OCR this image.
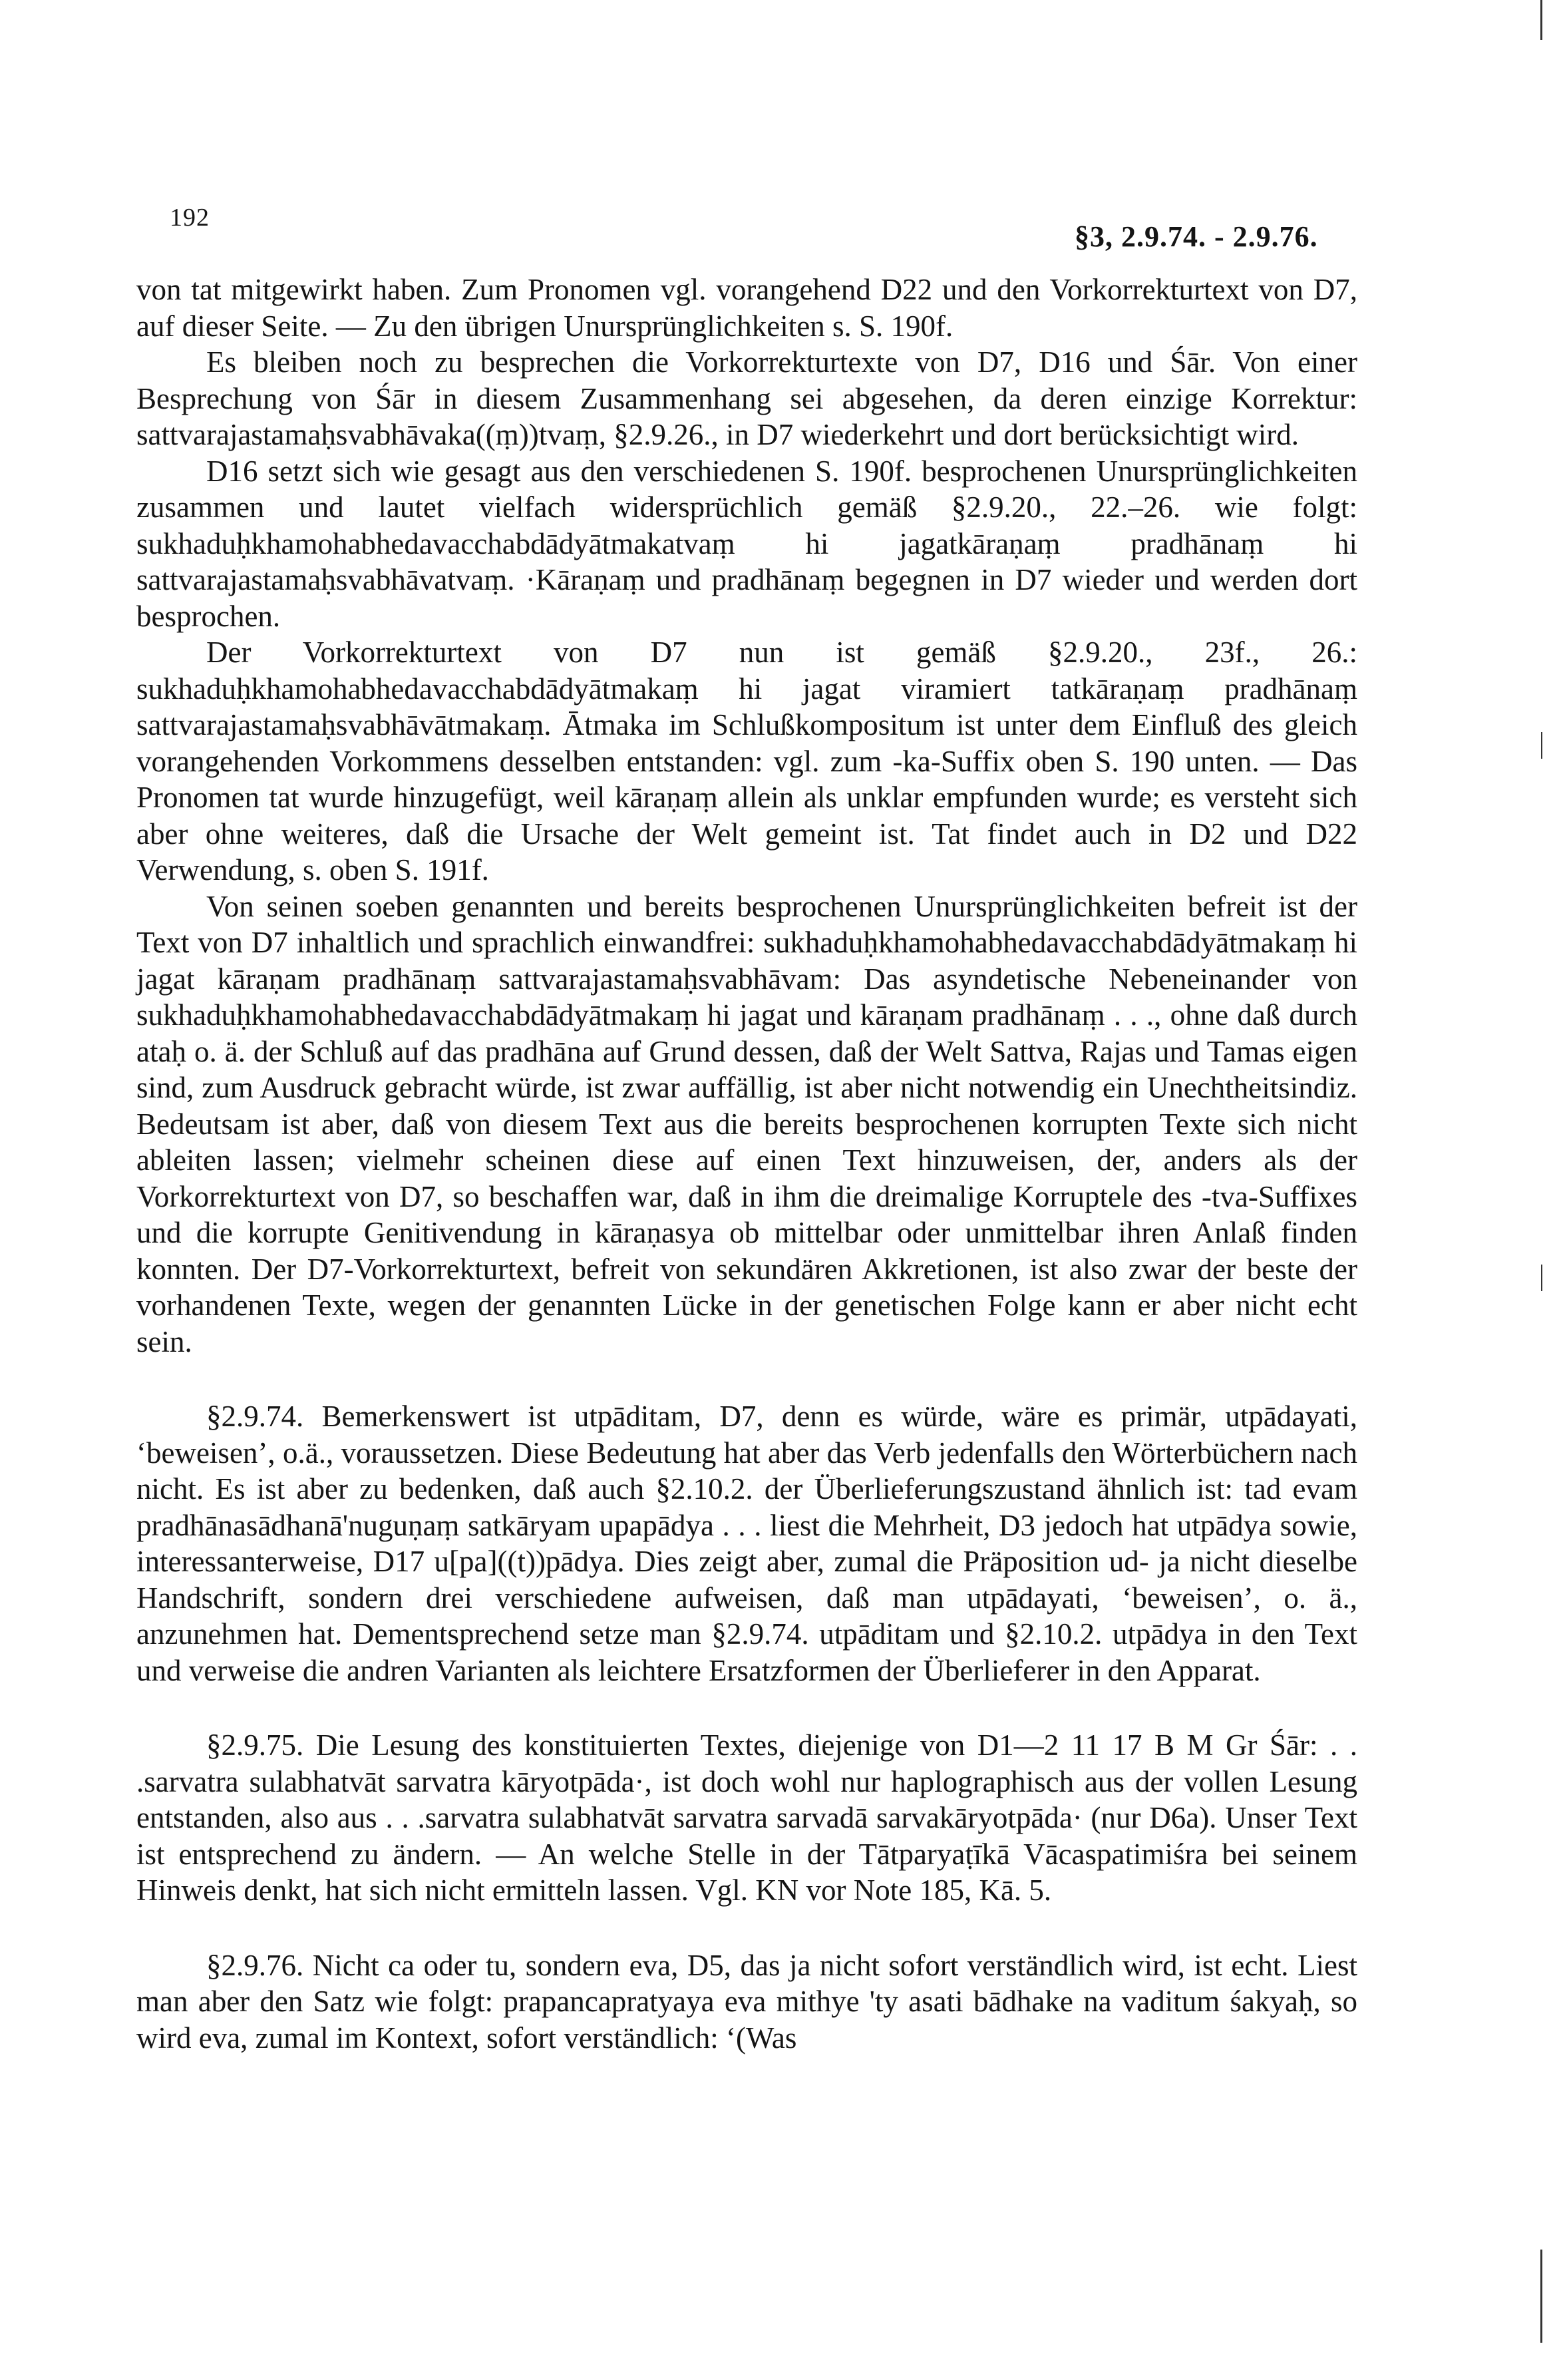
192
§3, 2.9.74. - 2.9.76.

von tat mitgewirkt haben. Zum Pronomen vgl. vorangehend D22 und den Vorkorrekturtext von D7, auf dieser Seite. — Zu den übrigen Unursprünglichkeiten s. S. 190f.

Es bleiben noch zu besprechen die Vorkorrekturtexte von D7, D16 und Śār. Von einer Besprechung von Śār in diesem Zusammenhang sei abgesehen, da deren einzige Korrektur: sattvarajastamaḥsvabhāvaka((ṃ))tvaṃ, §2.9.26., in D7 wiederkehrt und dort berücksichtigt wird.

D16 setzt sich wie gesagt aus den verschiedenen S. 190f. besprochenen Unursprünglichkeiten zusammen und lautet vielfach widersprüchlich gemäß §2.9.20., 22.–26. wie folgt: sukhaduḥkhamohabhedavacchabdādyātmakatvaṃ hi jagatkāraṇaṃ pradhānaṃ hi sattvarajastamaḥsvabhāvatvaṃ. ·Kāraṇaṃ und pradhānaṃ begegnen in D7 wieder und werden dort besprochen.

Der Vorkorrekturtext von D7 nun ist gemäß §2.9.20., 23f., 26.: sukhaduḥkhamohabhedavacchabdādyātmakaṃ hi jagat viramiert tatkāraṇaṃ pradhānaṃ sattvarajastamaḥsvabhāvātmakaṃ. Ātmaka im Schlußkompositum ist unter dem Einfluß des gleich vorangehenden Vorkommens desselben entstanden: vgl. zum -ka-Suffix oben S. 190 unten. — Das Pronomen tat wurde hinzugefügt, weil kāraṇaṃ allein als unklar empfunden wurde; es versteht sich aber ohne weiteres, daß die Ursache der Welt gemeint ist. Tat findet auch in D2 und D22 Verwendung, s. oben S. 191f.

Von seinen soeben genannten und bereits besprochenen Unursprünglichkeiten befreit ist der Text von D7 inhaltlich und sprachlich einwandfrei: sukhaduḥkhamohabhedavacchabdādyātmakaṃ hi jagat kāraṇam pradhānaṃ sattvarajastamaḥsvabhāvam: Das asyndetische Nebeneinander von sukhaduḥkhamohabhedavacchabdādyātmakaṃ hi jagat und kāraṇam pradhānaṃ . . ., ohne daß durch ataḥ o. ä. der Schluß auf das pradhāna auf Grund dessen, daß der Welt Sattva, Rajas und Tamas eigen sind, zum Ausdruck gebracht würde, ist zwar auffällig, ist aber nicht notwendig ein Unechtheitsindiz. Bedeutsam ist aber, daß von diesem Text aus die bereits besprochenen korrupten Texte sich nicht ableiten lassen; vielmehr scheinen diese auf einen Text hinzuweisen, der, anders als der Vorkorrekturtext von D7, so beschaffen war, daß in ihm die dreimalige Korruptele des -tva-Suffixes und die korrupte Genitivendung in kāraṇasya ob mittelbar oder unmittelbar ihren Anlaß finden konnten. Der D7-Vorkorrekturtext, befreit von sekundären Akkretionen, ist also zwar der beste der vorhandenen Texte, wegen der genannten Lücke in der genetischen Folge kann er aber nicht echt sein.

§2.9.74. Bemerkenswert ist utpāditam, D7, denn es würde, wäre es primär, utpādayati, ‘beweisen’, o.ä., voraussetzen. Diese Bedeutung hat aber das Verb jedenfalls den Wörterbüchern nach nicht. Es ist aber zu bedenken, daß auch §2.10.2. der Überlieferungszustand ähnlich ist: tad evam pradhānasādhanā'nuguṇaṃ satkāryam upapādya . . . liest die Mehrheit, D3 jedoch hat utpādya sowie, interessanterweise, D17 u[pa]((t))pādya. Dies zeigt aber, zumal die Präposition ud- ja nicht dieselbe Handschrift, sondern drei verschiedene aufweisen, daß man utpādayati, ‘beweisen’, o. ä., anzunehmen hat. Dementsprechend setze man §2.9.74. utpāditam und §2.10.2. utpādya in den Text und verweise die andren Varianten als leichtere Ersatzformen der Überlieferer in den Apparat.

§2.9.75. Die Lesung des konstituierten Textes, diejenige von D1—2 11 17 B M Gr Śār: . . .sarvatra sulabhatvāt sarvatra kāryotpāda·, ist doch wohl nur haplographisch aus der vollen Lesung entstanden, also aus . . .sarvatra sulabhatvāt sarvatra sarvadā sarvakāryotpāda· (nur D6a). Unser Text ist entsprechend zu ändern. — An welche Stelle in der Tātparyaṭīkā Vācaspatimiśra bei seinem Hinweis denkt, hat sich nicht ermitteln lassen. Vgl. KN vor Note 185, Kā. 5.

§2.9.76. Nicht ca oder tu, sondern eva, D5, das ja nicht sofort verständlich wird, ist echt. Liest man aber den Satz wie folgt: prapancapratyaya eva mithye 'ty asati bādhake na vaditum śakyaḥ, so wird eva, zumal im Kontext, sofort verständlich: ‘(Was
